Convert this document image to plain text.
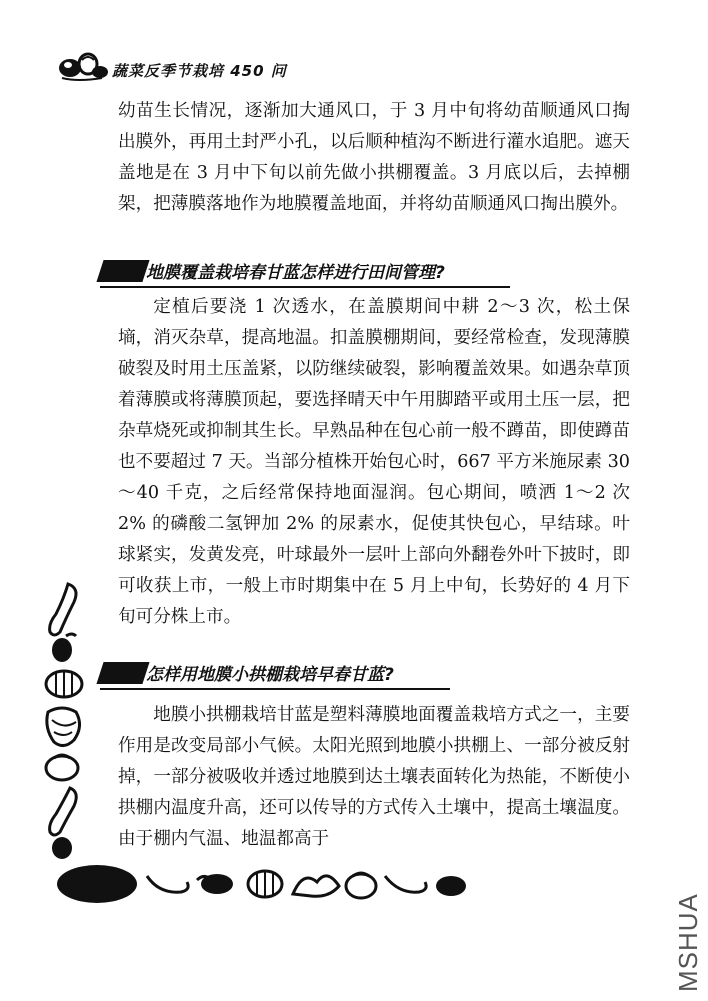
蔬菜反季节栽培 450 问

幼苗生长情况，逐渐加大通风口，于 3 月中旬将幼苗顺通风口掏出膜外，再用土封严小孔，以后顺种植沟不断进行灌水追肥。遮天盖地是在 3 月中下旬以前先做小拱棚覆盖。3 月底以后，去掉棚架，把薄膜落地作为地膜覆盖地面，并将幼苗顺通风口掏出膜外。

地膜覆盖栽培春甘蓝怎样进行田间管理?

定植后要浇 1 次透水，在盖膜期间中耕 2～3 次，松土保墒，消灭杂草，提高地温。扣盖膜棚期间，要经常检查，发现薄膜破裂及时用土压盖紧，以防继续破裂，影响覆盖效果。如遇杂草顶着薄膜或将薄膜顶起，要选择晴天中午用脚踏平或用土压一层，把杂草烧死或抑制其生长。早熟品种在包心前一般不蹲苗，即使蹲苗也不要超过 7 天。当部分植株开始包心时，667 平方米施尿素 30～40 千克，之后经常保持地面湿润。包心期间，喷洒 1～2 次 2% 的磷酸二氢钾加 2% 的尿素水，促使其快包心，早结球。叶球紧实，发黄发亮，叶球最外一层叶上部向外翻卷外叶下披时，即可收获上市，一般上市时期集中在 5 月上中旬，长势好的 4 月下旬可分株上市。

怎样用地膜小拱棚栽培早春甘蓝?

地膜小拱棚栽培甘蓝是塑料薄膜地面覆盖栽培方式之一，主要作用是改变局部小气候。太阳光照到地膜小拱棚上、一部分被反射掉，一部分被吸收并透过地膜到达土壤表面转化为热能，不断使小拱棚内温度升高，还可以传导的方式传入土壤中，提高土壤温度。由于棚内气温、地温都高于

MSHUA
